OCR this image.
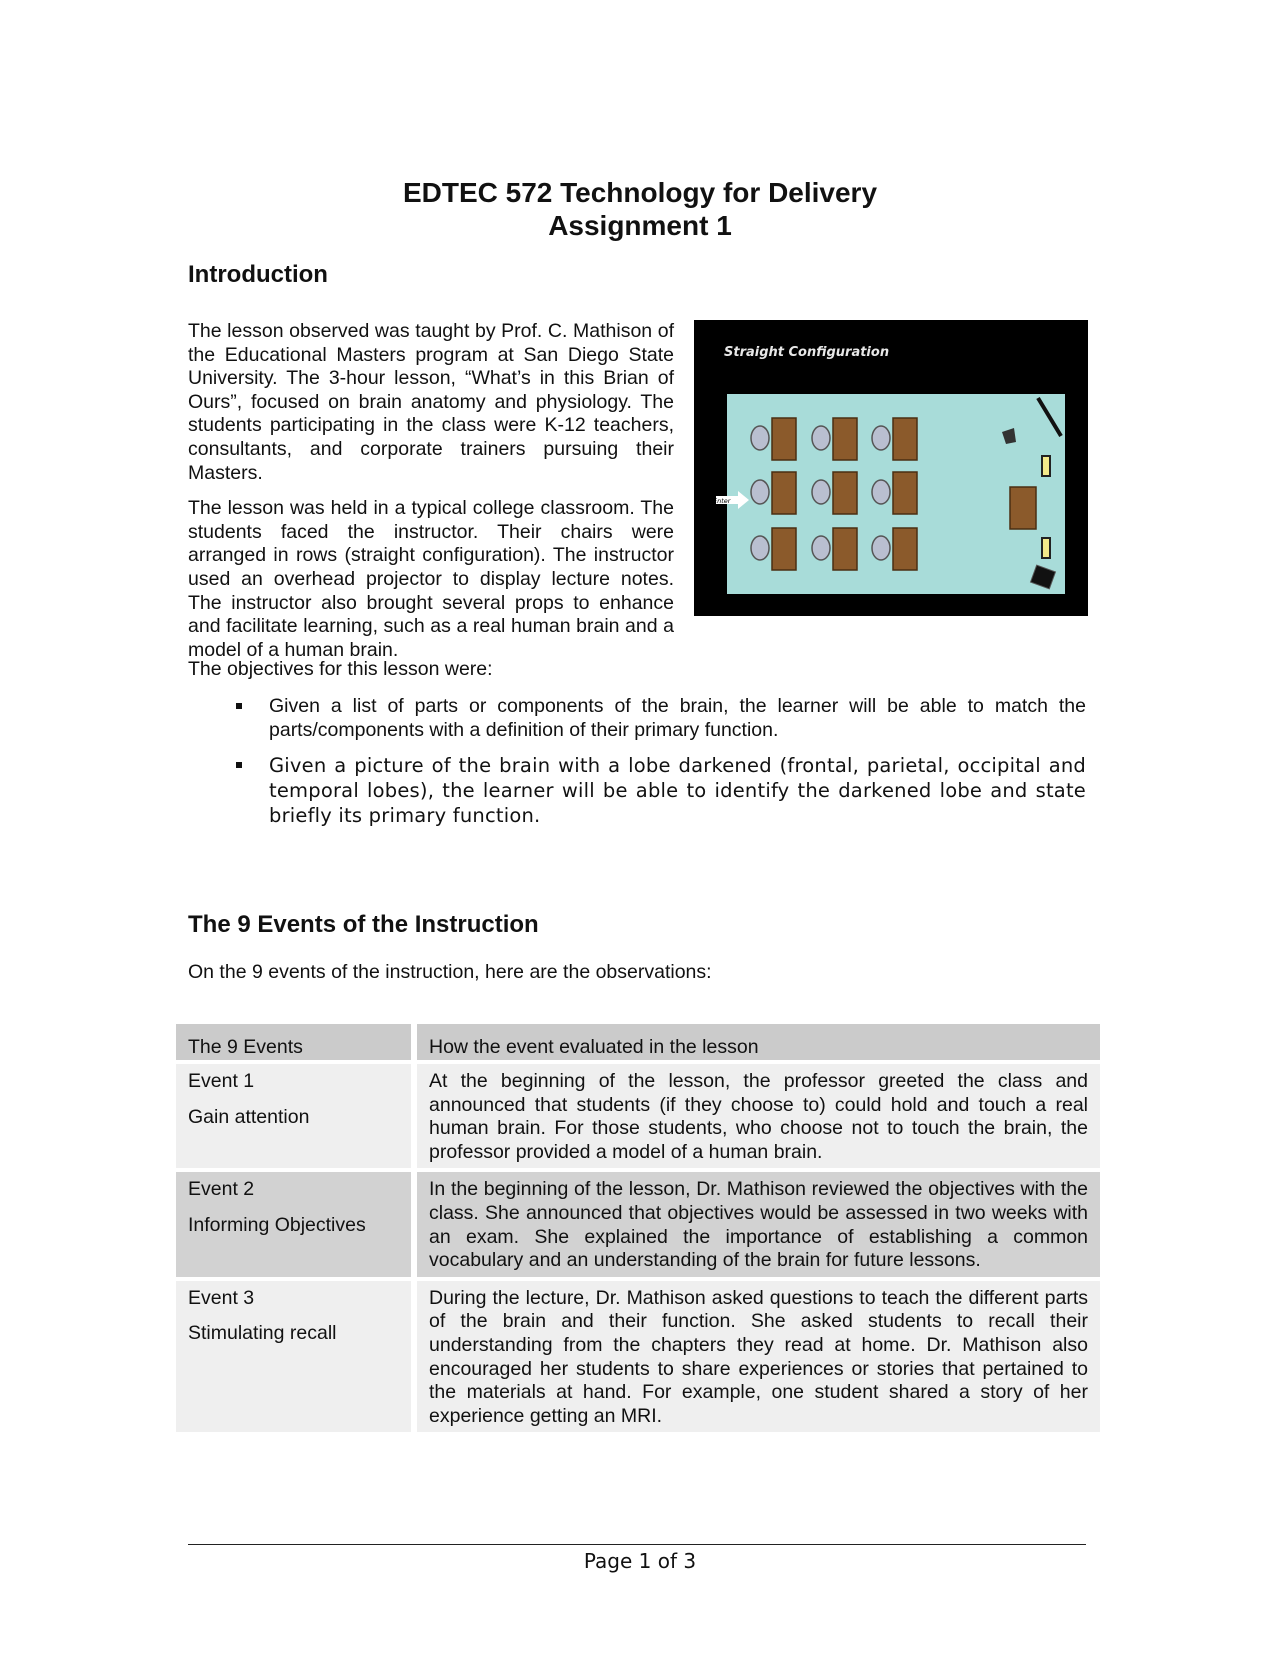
EDTEC 572 Technology for Delivery
Assignment 1
Introduction
Straight Configuration
Enter

The lesson observed was taught by Prof. C. Mathison of the Educational Masters program at San Diego State University. The 3-hour lesson, “What’s in this Brian of Ours”, focused on brain anatomy and physiology. The students participating in the class were K-12 teachers, consultants, and corporate trainers pursuing their Masters.

The lesson was held in a typical college classroom. The students faced the instructor. Their chairs were arranged in rows (straight configuration). The instructor used an overhead projector to display lecture notes. The instructor also brought several props to enhance and facilitate learning, such as a real human brain and a model of a human brain.

The objectives for this lesson were:
Given a list of parts or components of the brain, the learner will be able to match the parts/components with a definition of their primary function.
Given a picture of the brain with a lobe darkened (frontal, parietal, occipital and temporal lobes), the learner will be able to identify the darkened lobe and state briefly its primary function.
The 9 Events of the Instruction
On the 9 events of the instruction, here are the observations:
The 9 Events	How the event evaluated in the lesson

Event 1
Gain attention	At the beginning of the lesson, the professor greeted the class and announced that students (if they choose to) could hold and touch a real human brain. For those students, who choose not to touch the brain, the professor provided a model of a human brain.

Event 2
Informing Objectives	In the beginning of the lesson, Dr. Mathison reviewed the objectives with the class. She announced that objectives would be assessed in two weeks with an exam. She explained the importance of establishing a common vocabulary and an understanding of the brain for future lessons.

Event 3
Stimulating recall	During the lecture, Dr. Mathison asked questions to teach the different parts of the brain and their function. She asked students to recall their understanding from the chapters they read at home. Dr. Mathison also encouraged her students to share experiences or stories that pertained to the materials at hand. For example, one student shared a story of her experience getting an MRI.
Page 1 of 3
